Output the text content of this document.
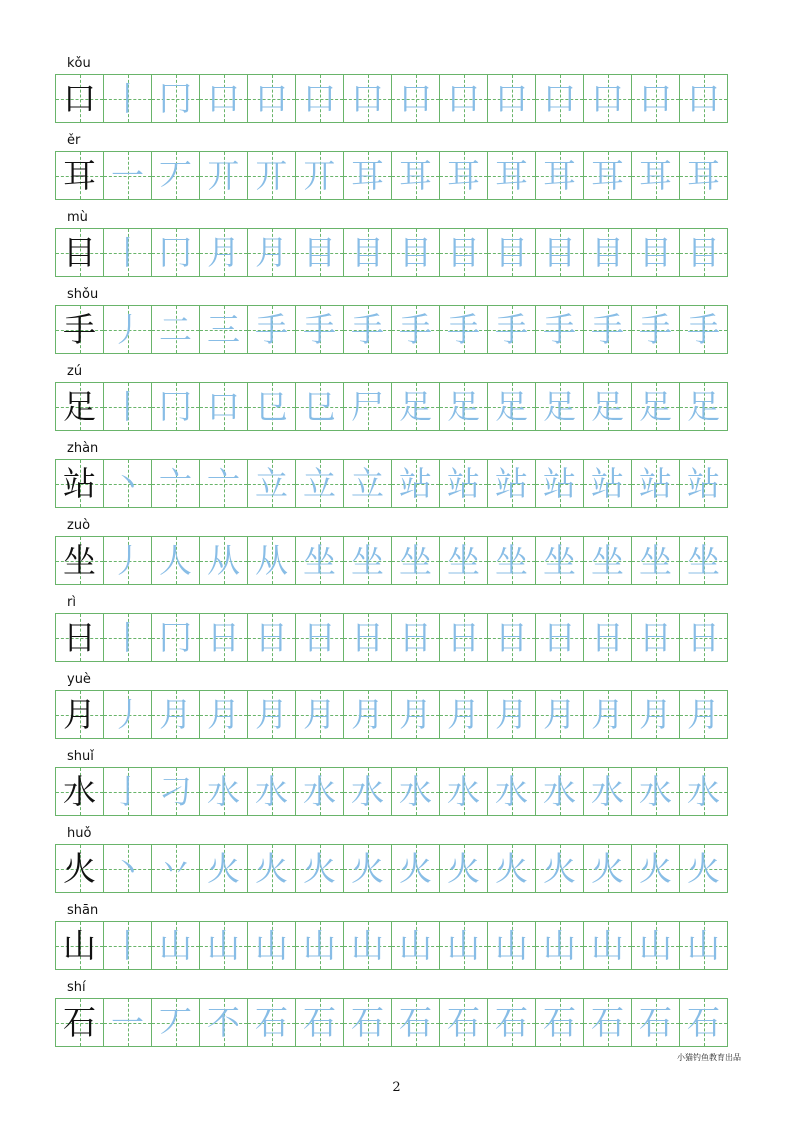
kǒu
口 丨 冂 口 口 口 口 口 口 口 口 口 口 口
ěr
耳 一 丆 丌 丌 丌 耳 耳 耳 耳 耳 耳 耳 耳
mù
目 丨 冂 月 月 目 目 目 目 目 目 目 目 目
shǒu
手 丿 二 三 手 手 手 手 手 手 手 手 手 手
zú
足 丨 冂 口 㔾 㔾 尸 足 足 足 足 足 足 足
zhàn
站 丶 亠 亠 立 立 立 站 站 站 站 站 站 站
zuò
坐 丿 人 从 从 坐 坐 坐 坐 坐 坐 坐 坐 坐
rì
日 丨 冂 日 日 日 日 日 日 日 日 日 日 日
yuè
月 丿 月 月 月 月 月 月 月 月 月 月 月 月
shuǐ
水 亅 刁 水 水 水 水 水 水 水 水 水 水 水
huǒ
火 丶 丷 火 火 火 火 火 火 火 火 火 火 火
shān
山 丨 山 山 山 山 山 山 山 山 山 山 山 山
shí
石 一 丆 不 石 石 石 石 石 石 石 石 石 石
小猫钓鱼教育出品
2
